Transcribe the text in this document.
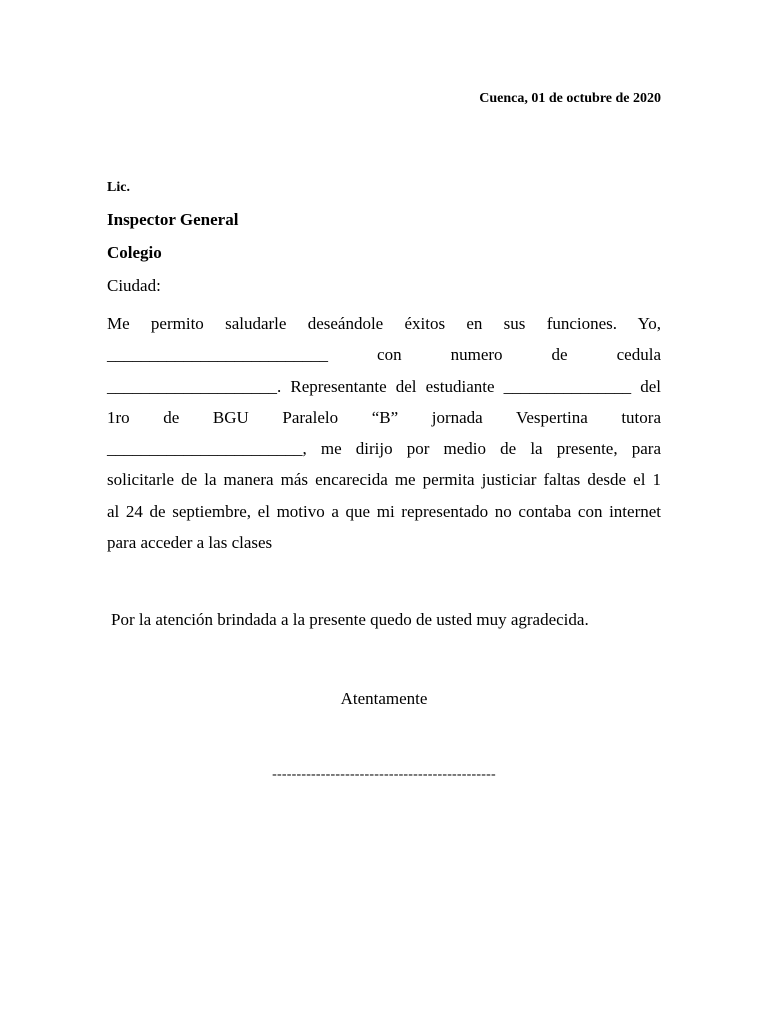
Cuenca, 01 de octubre de 2020
Lic.
Inspector General
Colegio
Ciudad:
Me permito saludarle deseándole éxitos en sus funciones. Yo,
__________________________ con numero de cedula
____________________. Representante del estudiante _______________ del
1ro de BGU Paralelo “B” jornada Vespertina tutora
_______________________, me dirijo por medio de la presente, para
solicitarle de la manera más encarecida me permita justiciar faltas desde el 1
al 24 de septiembre, el motivo a que mi representado no contaba con internet
para acceder a las clases
Por la atención brindada a la presente quedo de usted muy agradecida.
Atentamente
----------------------------------------------
